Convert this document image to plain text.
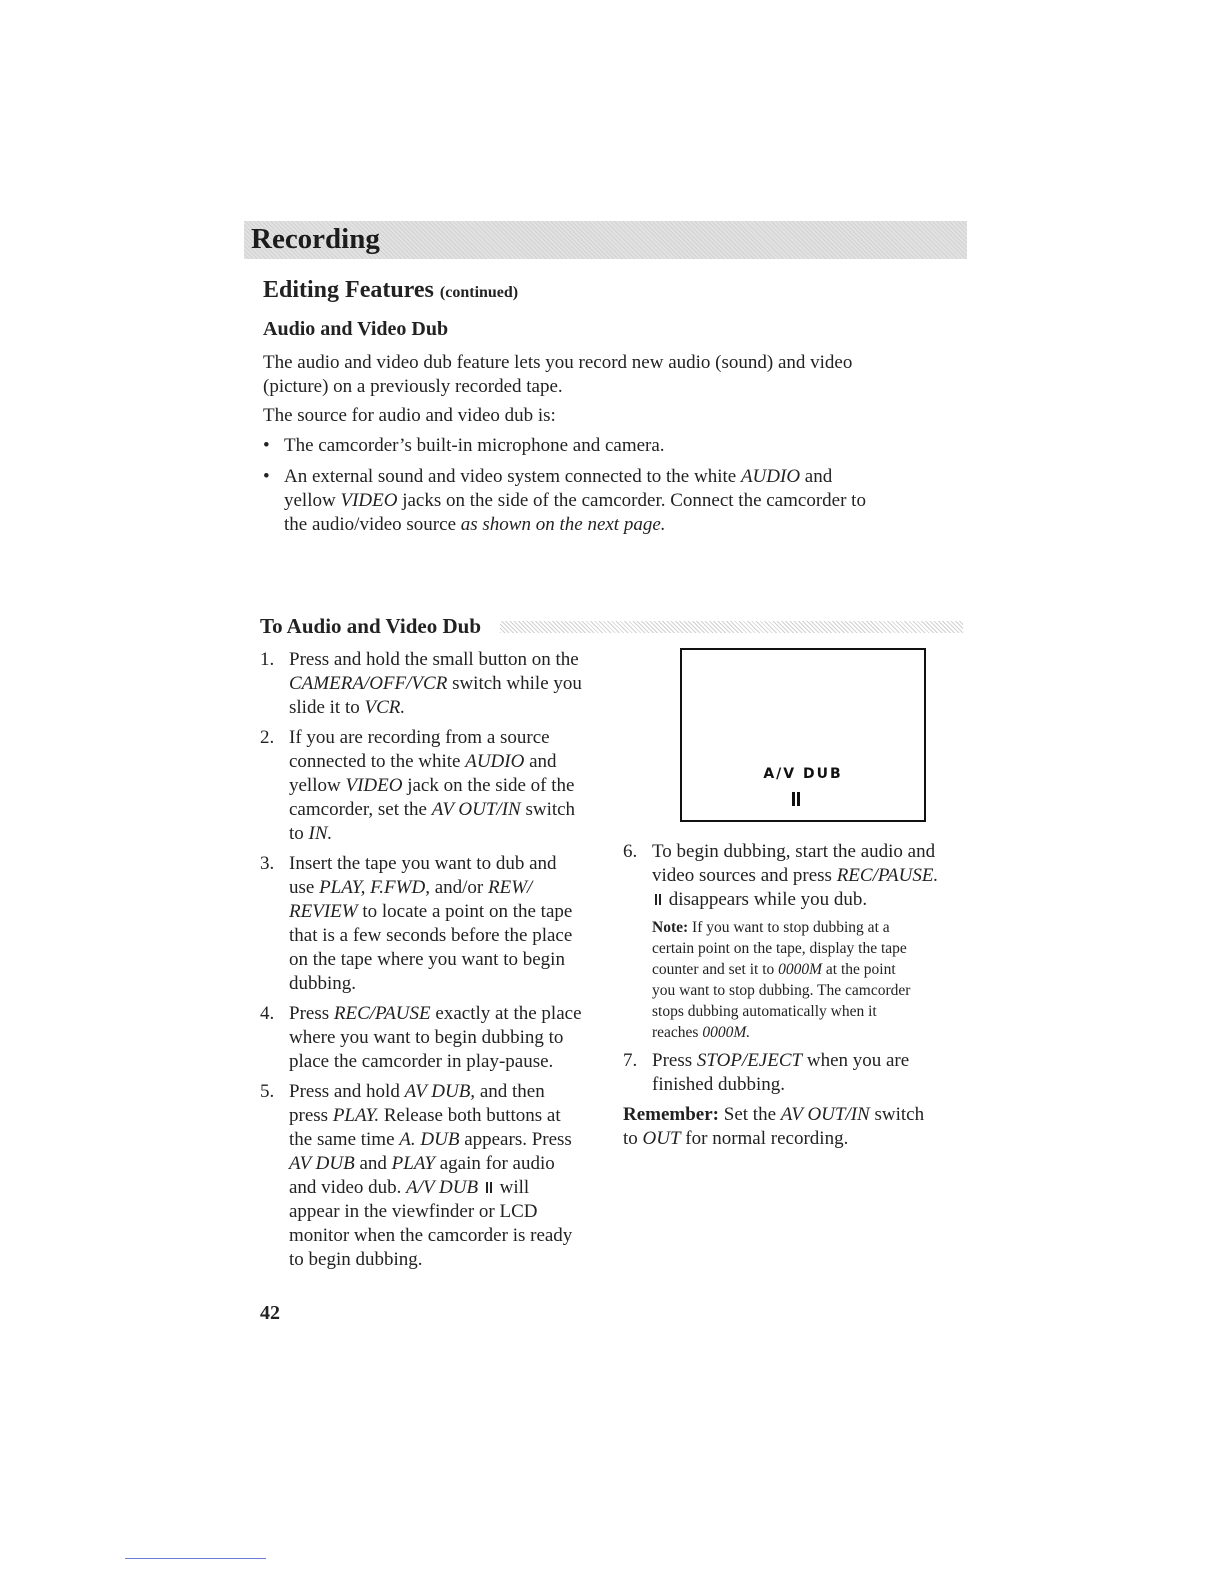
Recording
Editing Features (continued)
Audio and Video Dub

The audio and video dub feature lets you record new audio (sound) and video
(picture) on a previously recorded tape.

The source for audio and video dub is:

• The camcorder’s built-in microphone and camera.
• An external sound and video system connected to the white AUDIO and
yellow VIDEO jacks on the side of the camcorder. Connect the camcorder to
the audio/video source as shown on the next page.
To Audio and Video Dub
1. Press and hold the small button on the
CAMERA/OFF/VCR switch while you
slide it to VCR.
2. If you are recording from a source
connected to the white AUDIO and
yellow VIDEO jack on the side of the
camcorder, set the AV OUT/IN switch
to IN.
3. Insert the tape you want to dub and
use PLAY, F.FWD, and/or REW/
REVIEW to locate a point on the tape
that is a few seconds before the place
on the tape where you want to begin
dubbing.
4. Press REC/PAUSE exactly at the place
where you want to begin dubbing to
place the camcorder in play-pause.
5. Press and hold AV DUB, and then
press PLAY. Release both buttons at
the same time A. DUB appears. Press
AV DUB and PLAY again for audio
and video dub. A/V DUB  will
appear in the viewfinder or LCD
monitor when the camcorder is ready
to begin dubbing.
A/V DUB
6. To begin dubbing, start the audio and
video sources and press REC/PAUSE.
disappears while you dub.
Note: If you want to stop dubbing at a
certain point on the tape, display the tape
counter and set it to 0000M at the point
you want to stop dubbing. The camcorder
stops dubbing automatically when it
reaches 0000M.
7. Press STOP/EJECT when you are
finished dubbing.
Remember: Set the AV OUT/IN switch
to OUT for normal recording.
42
